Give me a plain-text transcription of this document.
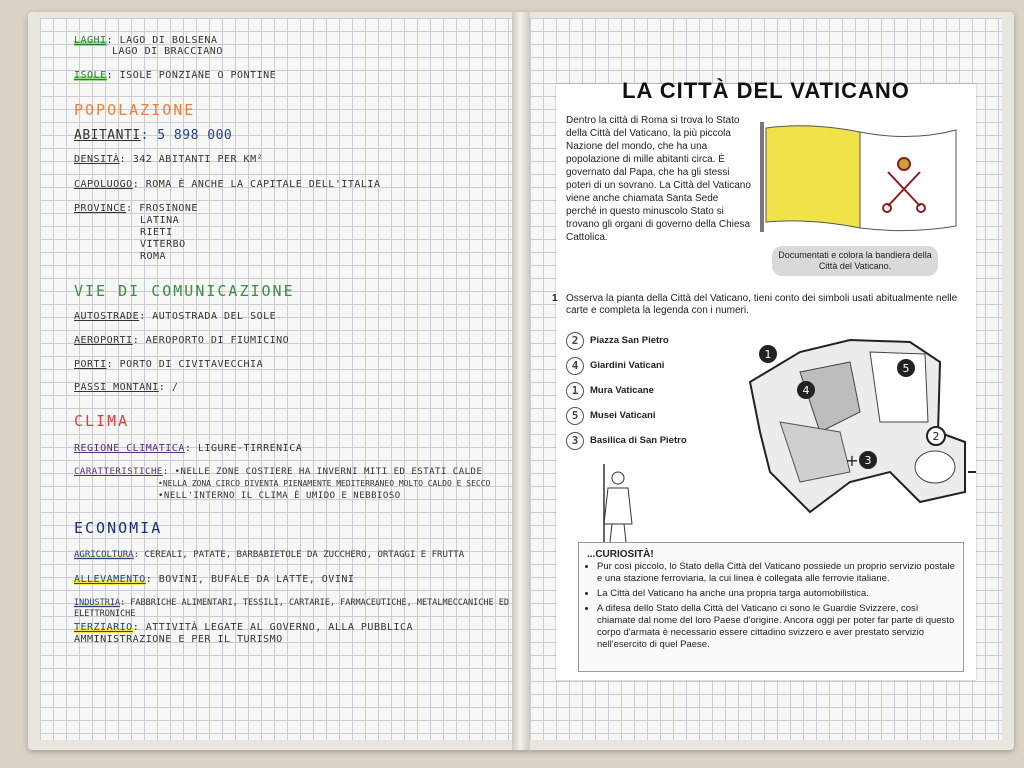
LAGHI: LAGO DI BOLSENA
LAGO DI BRACCIANO
ISOLE: ISOLE PONZIANE O PONTINE
POPOLAZIONE
ABITANTI: 5 898 000
DENSITÀ: 342 ABITANTI PER KM²
CAPOLUOGO: ROMA È ANCHE LA CAPITALE DELL'ITALIA
PROVINCE: FROSINONE
LATINA
RIETI
VITERBO
ROMA
VIE DI COMUNICAZIONE
AUTOSTRADE: AUTOSTRADA DEL SOLE
AEROPORTI: AEROPORTO DI FIUMICINO
PORTI: PORTO DI CIVITAVECCHIA
PASSI MONTANI: /
CLIMA
REGIONE CLIMATICA: LIGURE-TIRRENICA
CARATTERISTICHE: •NELLE ZONE COSTIERE HA INVERNI MITI ED ESTATI CALDE
•NELLA ZONA CIRCO DIVENTA PIENAMENTE MEDITERRANEO MOLTO CALDO E SECCO
•NELL'INTERNO IL CLIMA È UMIDO E NEBBIOSO
ECONOMIA
AGRICOLTURA: CEREALI, PATATE, BARBABIETOLE DA ZUCCHERO, ORTAGGI E FRUTTA
ALLEVAMENTO: BOVINI, BUFALE DA LATTE, OVINI
INDUSTRIA: FABBRICHE ALIMENTARI, TESSILI, CARTARIE, FARMACEUTICHE, METALMECCANICHE ED ELETTRONICHE
TERZIARIO: ATTIVITÀ LEGATE AL GOVERNO, ALLA PUBBLICA AMMINISTRAZIONE E PER IL TURISMO
LA CITTÀ DEL VATICANO
Dentro la città di Roma si trova lo Stato della Città del Vaticano, la più piccola Nazione del mondo, che ha una popolazione di mille abitanti circa. È governato dal Papa, che ha gli stessi poteri di un sovrano. La Città del Vaticano viene anche chiamata Santa Sede perché in questo minuscolo Stato si trovano gli organi di governo della Chiesa Cattolica.
Documentati e colora la bandiera della Città del Vaticano.
1 Osserva la pianta della Città del Vaticano, tieni conto dei simboli usati abitualmente nelle carte e completa la legenda con i numeri.
2	Piazza San Pietro
4	Giardini Vaticani
1	Mura Vaticane
5	Musei Vaticani
3	Basilica di San Pietro
1
4
5
2
+ 3
...CURIOSITÀ!
• Pur così piccolo, lo Stato della Città del Vaticano possiede un proprio servizio postale e una stazione ferroviaria, la cui linea è collegata alle ferrovie italiane.
• La Città del Vaticano ha anche una propria targa automobilistica.
• A difesa dello Stato della Città del Vaticano ci sono le Guardie Svizzere, così chiamate dal nome del loro Paese d'origine. Ancora oggi per poter far parte di questo corpo d'armata è necessario essere cittadino svizzero e aver prestato servizio nell'esercito di quel Paese.
